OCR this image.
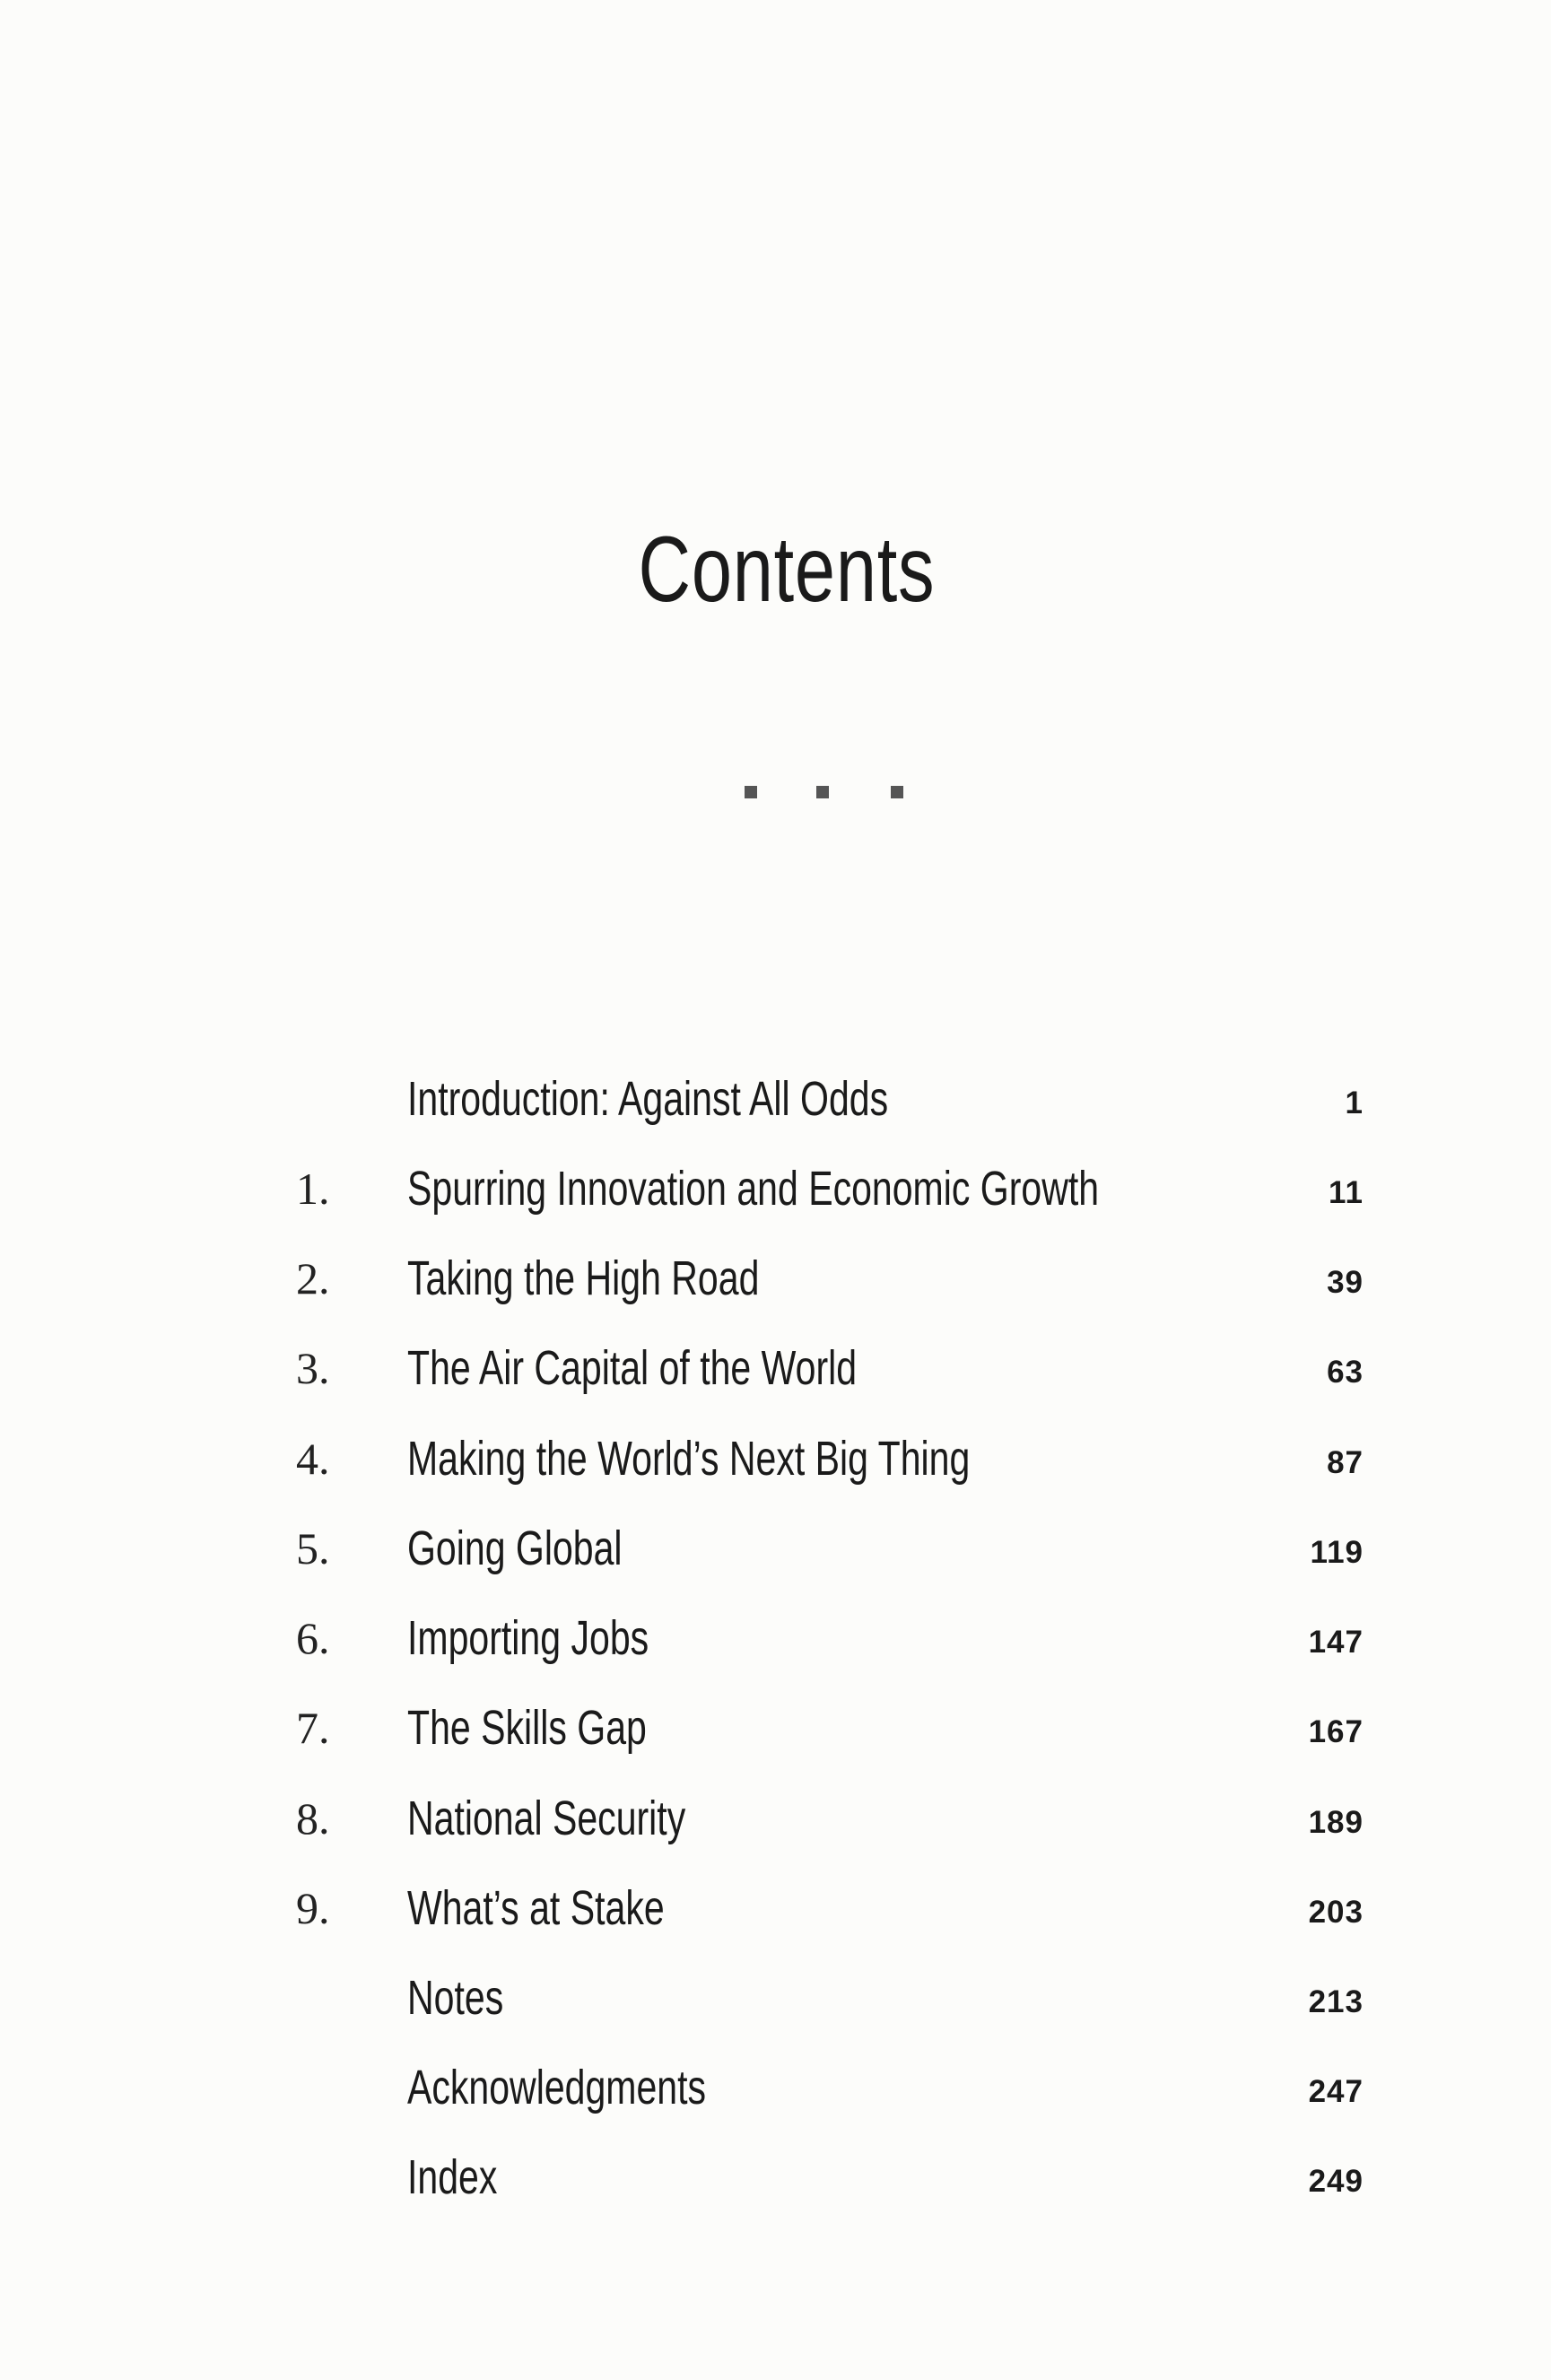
Contents
Introduction: Against All Odds	1
1.	Spurring Innovation and Economic Growth	11
2.	Taking the High Road	39
3.	The Air Capital of the World	63
4.	Making the World’s Next Big Thing	87
5.	Going Global	119
6.	Importing Jobs	147
7.	The Skills Gap	167
8.	National Security	189
9.	What’s at Stake	203
Notes	213
Acknowledgments	247
Index	249
